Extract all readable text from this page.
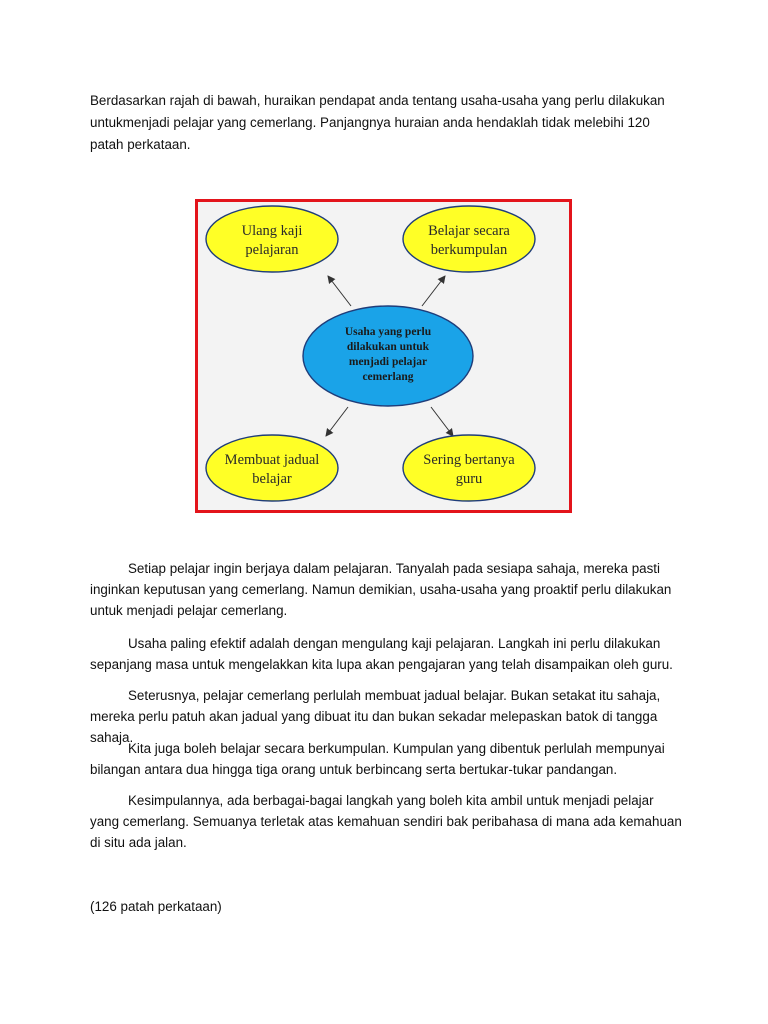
Berdasarkan rajah di bawah, huraikan pendapat anda tentang usaha-usaha yang perlu dilakukan untukmenjadi pelajar yang cemerlang. Panjangnya huraian anda hendaklah tidak melebihi 120 patah perkataan.

Ulang kaji
pelajaran
Belajar secara
berkumpulan
Usaha yang perlu
dilakukan untuk
menjadi pelajar
cemerlang
Membuat jadual
belajar
Sering bertanya
guru

Setiap pelajar ingin berjaya dalam pelajaran. Tanyalah pada sesiapa sahaja, mereka pasti inginkan keputusan yang cemerlang. Namun demikian, usaha-usaha yang proaktif perlu dilakukan untuk menjadi pelajar cemerlang.

Usaha paling efektif adalah dengan mengulang kaji pelajaran. Langkah ini perlu dilakukan sepanjang masa untuk mengelakkan kita lupa akan pengajaran yang telah disampaikan oleh guru.

Seterusnya, pelajar cemerlang perlulah membuat jadual belajar. Bukan setakat itu sahaja, mereka perlu patuh akan jadual yang dibuat itu dan bukan sekadar melepaskan batok di tangga sahaja.

Kita juga boleh belajar secara berkumpulan. Kumpulan yang dibentuk perlulah mempunyai bilangan antara dua hingga tiga orang untuk berbincang serta bertukar-tukar pandangan.

Kesimpulannya, ada berbagai-bagai langkah yang boleh kita ambil untuk menjadi pelajar yang cemerlang. Semuanya terletak atas kemahuan sendiri bak peribahasa di mana ada kemahuan di situ ada jalan.

(126 patah perkataan)
